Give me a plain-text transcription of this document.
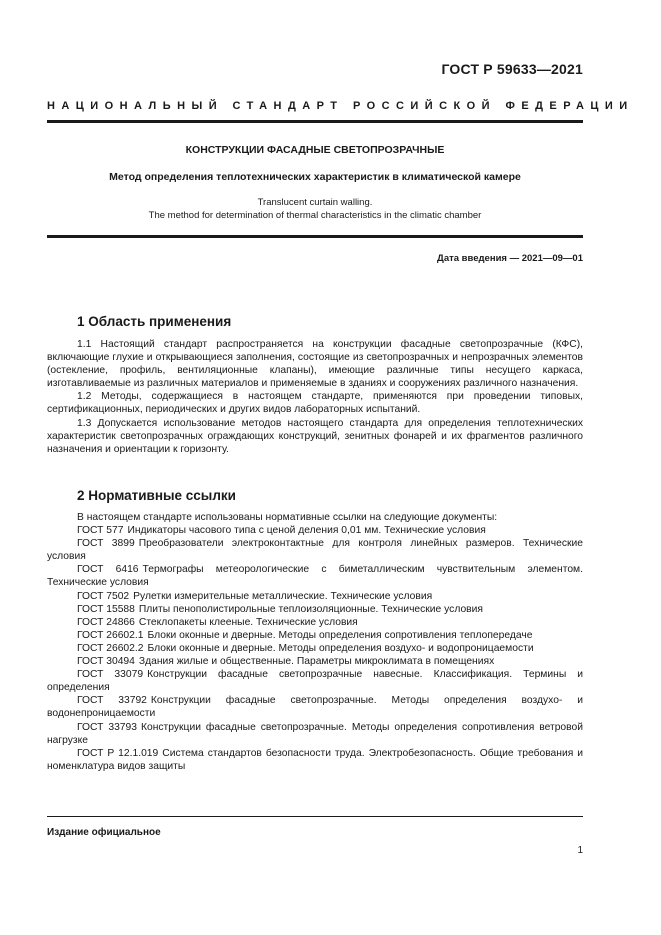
ГОСТ Р 59633—2021
НАЦИОНАЛЬНЫЙ СТАНДАРТ РОССИЙСКОЙ ФЕДЕРАЦИИ
КОНСТРУКЦИИ ФАСАДНЫЕ СВЕТОПРОЗРАЧНЫЕ
Метод определения теплотехнических характеристик в климатической камере
Translucent curtain walling.
The method for determination of thermal characteristics in the climatic chamber
Дата введения — 2021—09—01
1 Область применения

1.1 Настоящий стандарт распространяется на конструкции фасадные светопрозрачные (КФС), включающие глухие и открывающиеся заполнения, состоящие из светопрозрачных и непрозрачных элементов (остекление, профиль, вентиляционные клапаны), имеющие различные типы несущего каркаса, изготавливаемые из различных материалов и применяемые в зданиях и сооружениях различного назначения.

1.2 Методы, содержащиеся в настоящем стандарте, применяются при проведении типовых, сертификационных, периодических и других видов лабораторных испытаний.

1.3 Допускается использование методов настоящего стандарта для определения теплотехнических характеристик светопрозрачных ограждающих конструкций, зенитных фонарей и их фрагментов различного назначения и ориентации к горизонту.

2 Нормативные ссылки

В настоящем стандарте использованы нормативные ссылки на следующие документы:

ГОСТ 577 Индикаторы часового типа с ценой деления 0,01 мм. Технические условия

ГОСТ 3899 Преобразователи электроконтактные для контроля линейных размеров. Технические условия

ГОСТ 6416 Термографы метеорологические с биметаллическим чувствительным элементом. Технические условия

ГОСТ 7502 Рулетки измерительные металлические. Технические условия

ГОСТ 15588 Плиты пенополистирольные теплоизоляционные. Технические условия

ГОСТ 24866 Стеклопакеты клееные. Технические условия

ГОСТ 26602.1 Блоки оконные и дверные. Методы определения сопротивления теплопередаче

ГОСТ 26602.2 Блоки оконные и дверные. Методы определения воздухо- и водопроницаемости

ГОСТ 30494 Здания жилые и общественные. Параметры микроклимата в помещениях

ГОСТ 33079 Конструкции фасадные светопрозрачные навесные. Классификация. Термины и определения

ГОСТ 33792 Конструкции фасадные светопрозрачные. Методы определения воздухо- и водонепроницаемости

ГОСТ 33793 Конструкции фасадные светопрозрачные. Методы определения сопротивления ветровой нагрузке

ГОСТ Р 12.1.019 Система стандартов безопасности труда. Электробезопасность. Общие требования и номенклатура видов защиты

Издание официальное
1
